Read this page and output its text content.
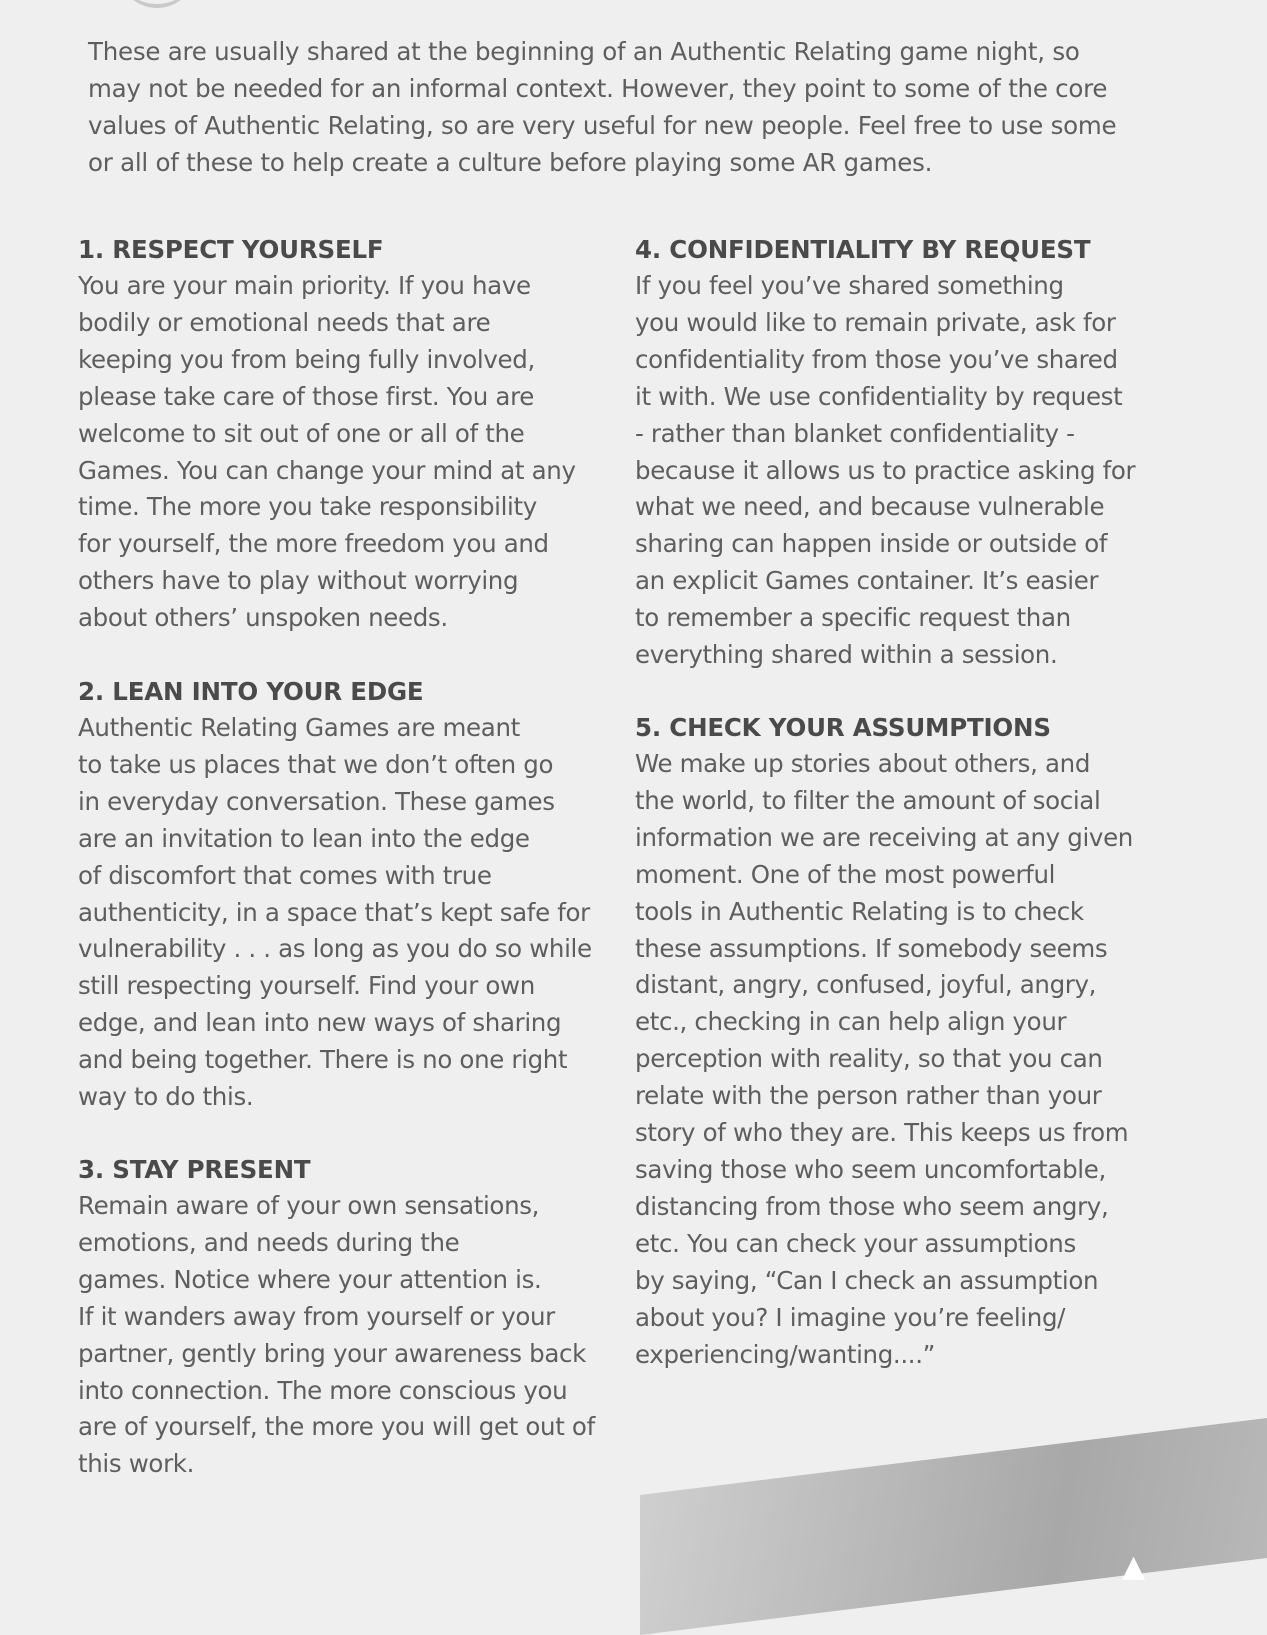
These are usually shared at the beginning of an Authentic Relating game night, so
may not be needed for an informal context. However, they point to some of the core
values of Authentic Relating, so are very useful for new people. Feel free to use some
or all of these to help create a culture before playing some AR games.

1. RESPECT YOURSELF
You are your main priority. If you have
bodily or emotional needs that are
keeping you from being fully involved,
please take care of those first. You are
welcome to sit out of one or all of the
Games. You can change your mind at any
time. The more you take responsibility
for yourself, the more freedom you and
others have to play without worrying
about others’ unspoken needs.
2. LEAN INTO YOUR EDGE
Authentic Relating Games are meant
to take us places that we don’t often go
in everyday conversation. These games
are an invitation to lean into the edge
of discomfort that comes with true
authenticity, in a space that’s kept safe for
vulnerability . . . as long as you do so while
still respecting yourself. Find your own
edge, and lean into new ways of sharing
and being together. There is no one right
way to do this.
3. STAY PRESENT
Remain aware of your own sensations,
emotions, and needs during the
games. Notice where your attention is.
If it wanders away from yourself or your
partner, gently bring your awareness back
into connection. The more conscious you
are of yourself, the more you will get out of
this work.
4. CONFIDENTIALITY BY REQUEST
If you feel you’ve shared something
you would like to remain private, ask for
confidentiality from those you’ve shared
it with. We use confidentiality by request
- rather than blanket confidentiality -
because it allows us to practice asking for
what we need, and because vulnerable
sharing can happen inside or outside of
an explicit Games container. It’s easier
to remember a specific request than
everything shared within a session.
5. CHECK YOUR ASSUMPTIONS
We make up stories about others, and
the world, to filter the amount of social
information we are receiving at any given
moment. One of the most powerful
tools in Authentic Relating is to check
these assumptions. If somebody seems
distant, angry, confused, joyful, angry,
etc., checking in can help align your
perception with reality, so that you can
relate with the person rather than your
story of who they are. This keeps us from
saving those who seem uncomfortable,
distancing from those who seem angry,
etc. You can check your assumptions
by saying, “Can I check an assumption
about you? I imagine you’re feeling/
experiencing/wanting....”
▲
